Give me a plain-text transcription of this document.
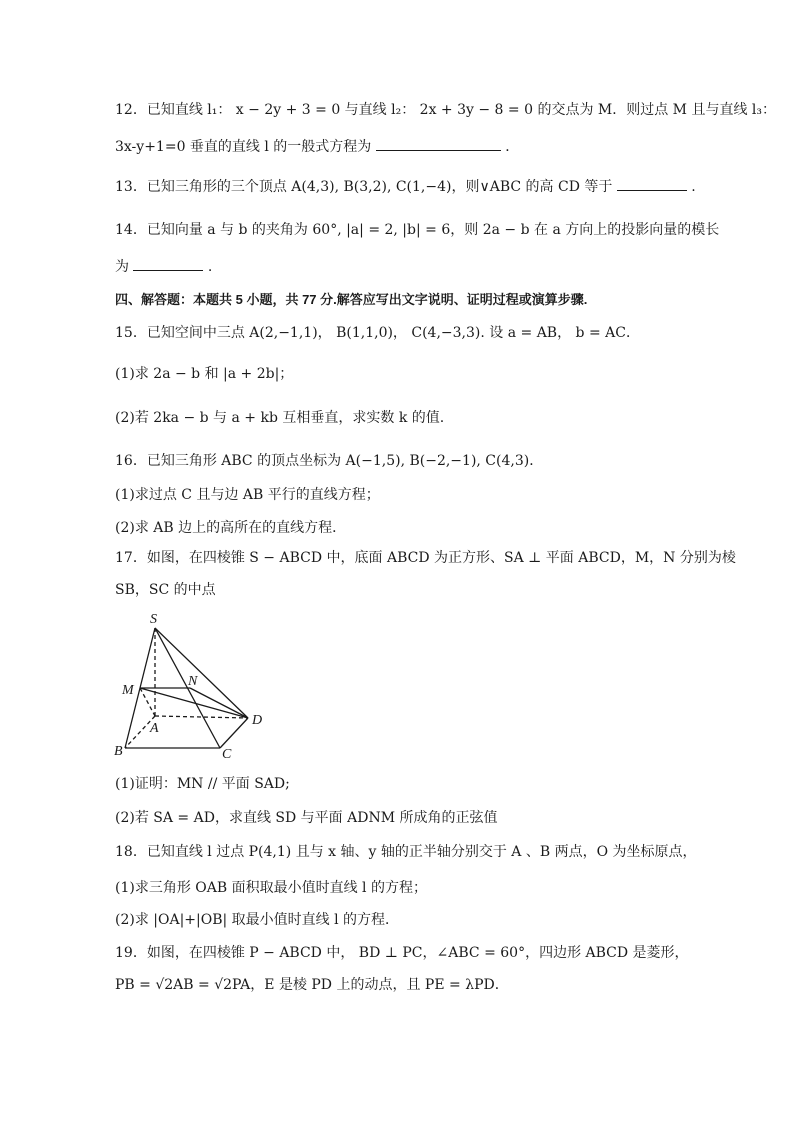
12．已知直线 l₁： x − 2y + 3 = 0 与直线 l₂： 2x + 3y − 8 = 0 的交点为 M．则过点 M 且与直线 l₃：
3x-y+1=0 垂直的直线 l 的一般式方程为	．
13．已知三角形的三个顶点 A(4,3), B(3,2), C(1,−4)，则∨ABC 的高 CD 等于	.
14．已知向量 a 与 b 的夹角为 60°, |a| = 2, |b| = 6，则 2a − b 在 a 方向上的投影向量的模长
为	.
四、解答题：本题共 5 小题，共 77 分.解答应写出文字说明、证明过程或演算步骤.
15．已知空间中三点 A(2,−1,1)， B(1,1,0)， C(4,−3,3). 设 a = AB， b = AC．
(1)求 2a − b 和 |a + 2b|；
(2)若 2ka − b 与 a + kb 互相垂直，求实数 k 的值.
16．已知三角形 ABC 的顶点坐标为 A(−1,5), B(−2,−1), C(4,3)．
(1)求过点 C 且与边 AB 平行的直线方程；
(2)求 AB 边上的高所在的直线方程．
17．如图，在四棱锥 S − ABCD 中，底面 ABCD 为正方形、SA ⊥ 平面 ABCD，M，N 分别为棱
SB，SC 的中点
S
M
N
A
B	C
D
(1)证明：MN // 平面 SAD;
(2)若 SA = AD，求直线 SD 与平面 ADNM 所成角的正弦值
18．已知直线 l 过点 P(4,1) 且与 x 轴、y 轴的正半轴分别交于 A 、B 两点，O 为坐标原点，
(1)求三角形 OAB 面积取最小值时直线 l 的方程；
(2)求 |OA|+|OB| 取最小值时直线 l 的方程．
19．如图，在四棱锥 P − ABCD 中， BD ⊥ PC，∠ABC = 60°，四边形 ABCD 是菱形，
PB = √2AB = √2PA，E 是棱 PD 上的动点，且 PE = λPD．
